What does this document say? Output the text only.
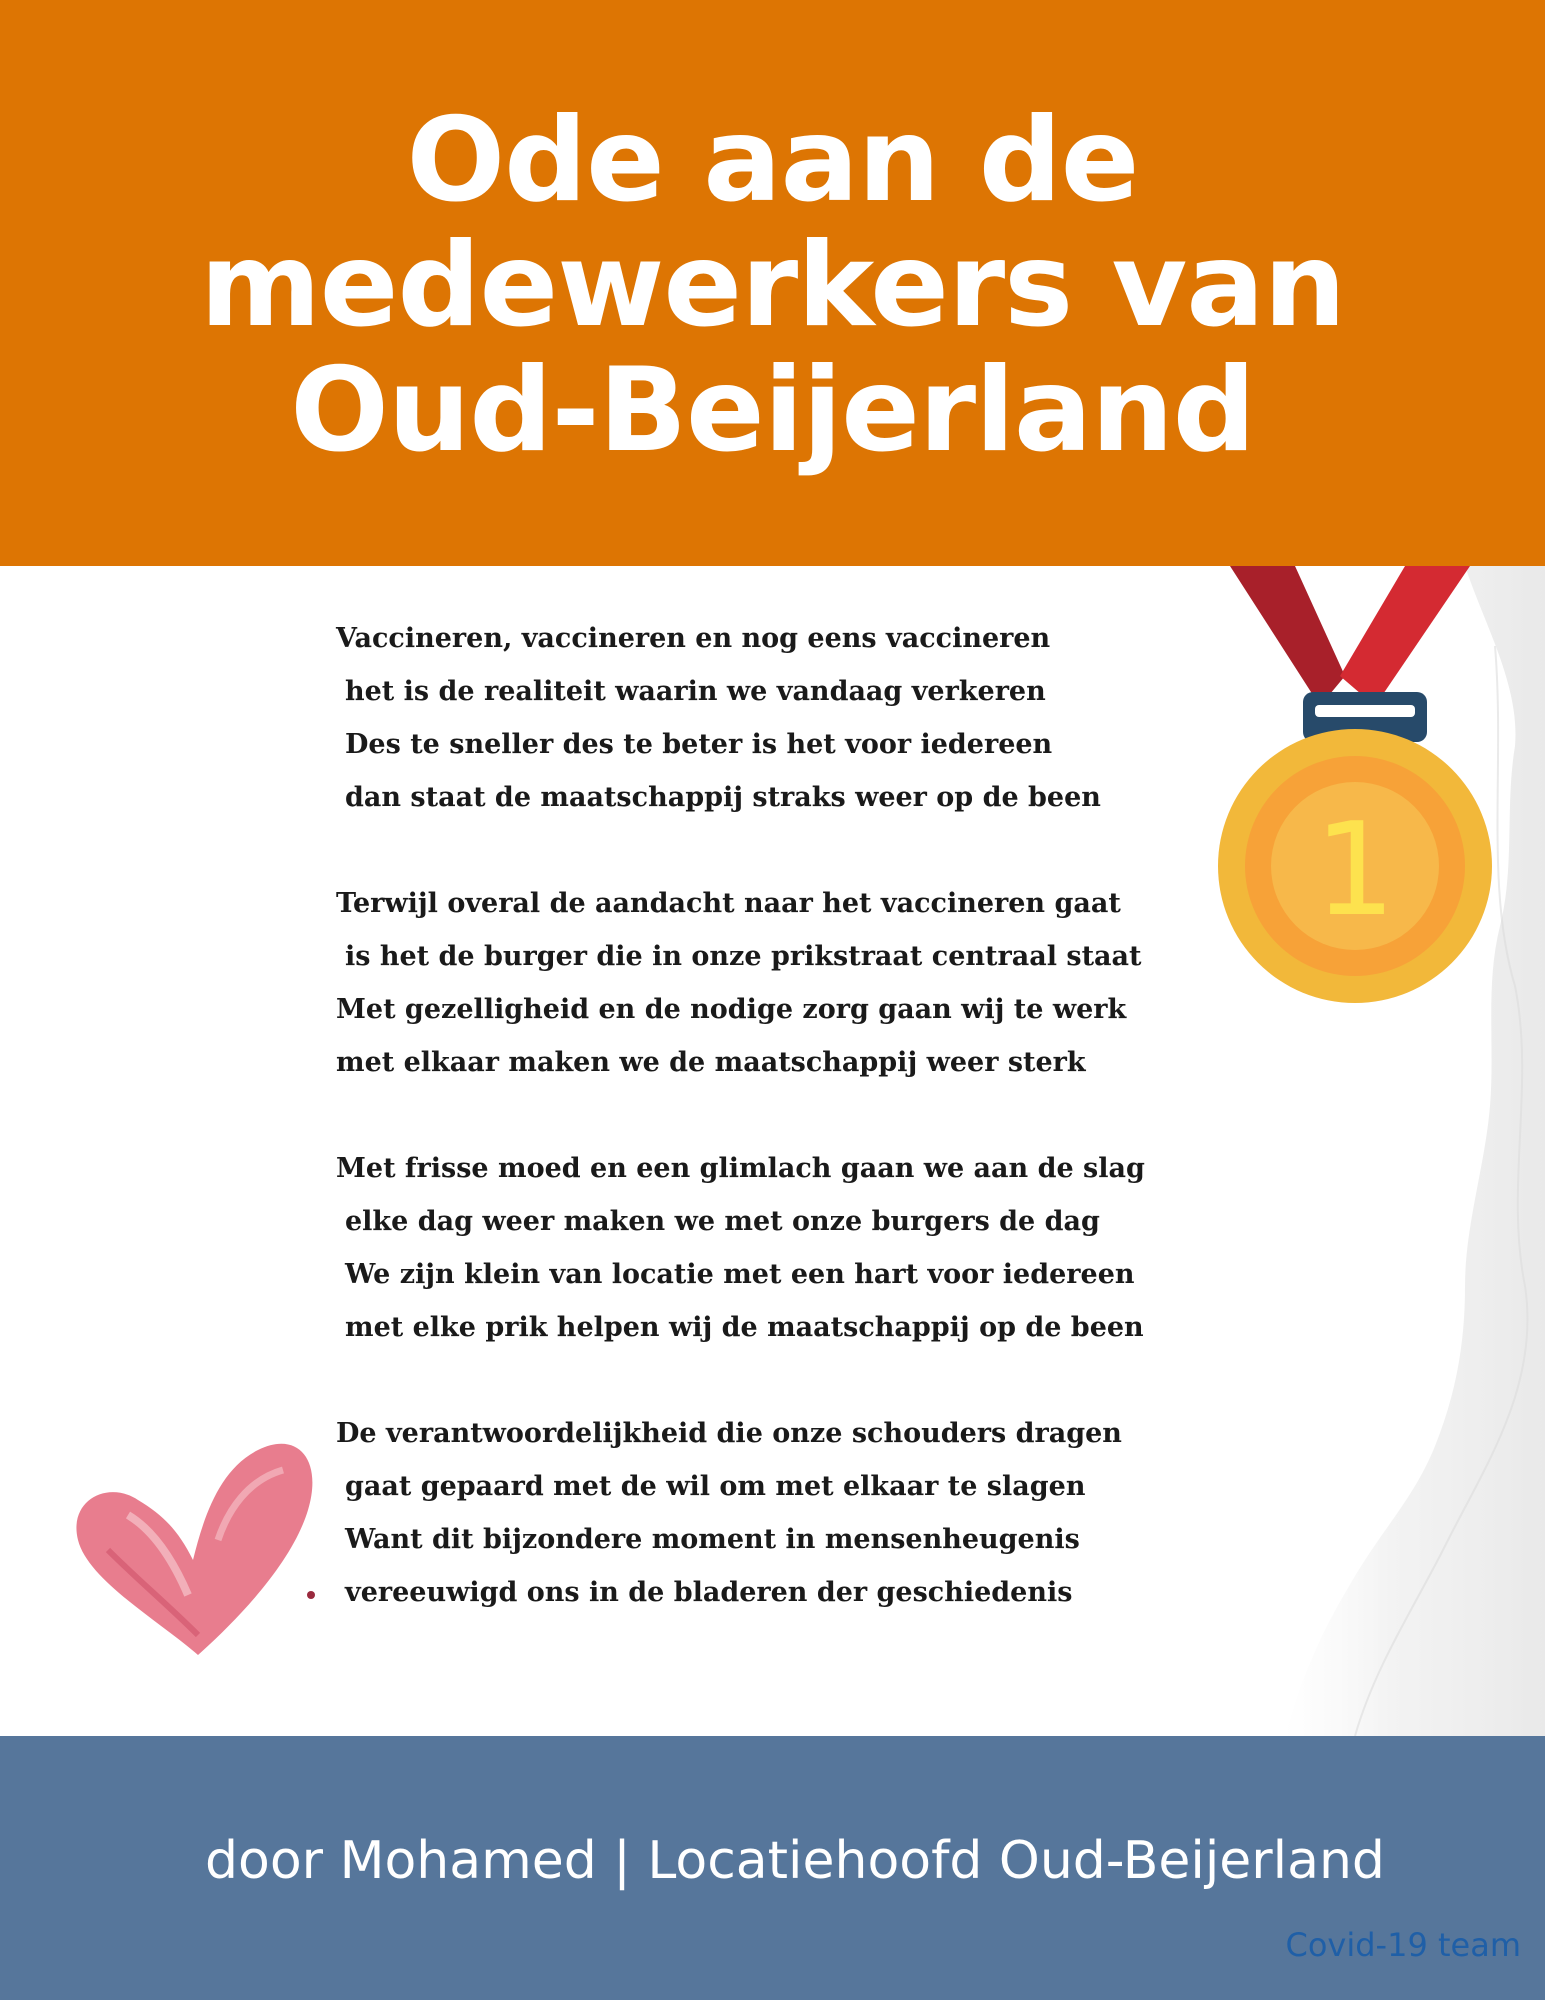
Ode aan de
medewerkers van
Oud-Beijerland
1
Vaccineren, vaccineren en nog eens vaccineren
het is de realiteit waarin we vandaag verkeren
Des te sneller des te beter is het voor iedereen
dan staat de maatschappij straks weer op de been
Terwijl overal de aandacht naar het vaccineren gaat
is het de burger die in onze prikstraat centraal staat
Met gezelligheid en de nodige zorg gaan wij te werk
met elkaar maken we de maatschappij weer sterk
Met frisse moed en een glimlach gaan we aan de slag
elke dag weer maken we met onze burgers de dag
We zijn klein van locatie met een hart voor iedereen
met elke prik helpen wij de maatschappij op de been
De verantwoordelijkheid die onze schouders dragen
gaat gepaard met de wil om met elkaar te slagen
Want dit bijzondere moment in mensenheugenis
vereeuwigd ons in de bladeren der geschiedenis
door Mohamed | Locatiehoofd Oud-Beijerland
Covid-19 team
